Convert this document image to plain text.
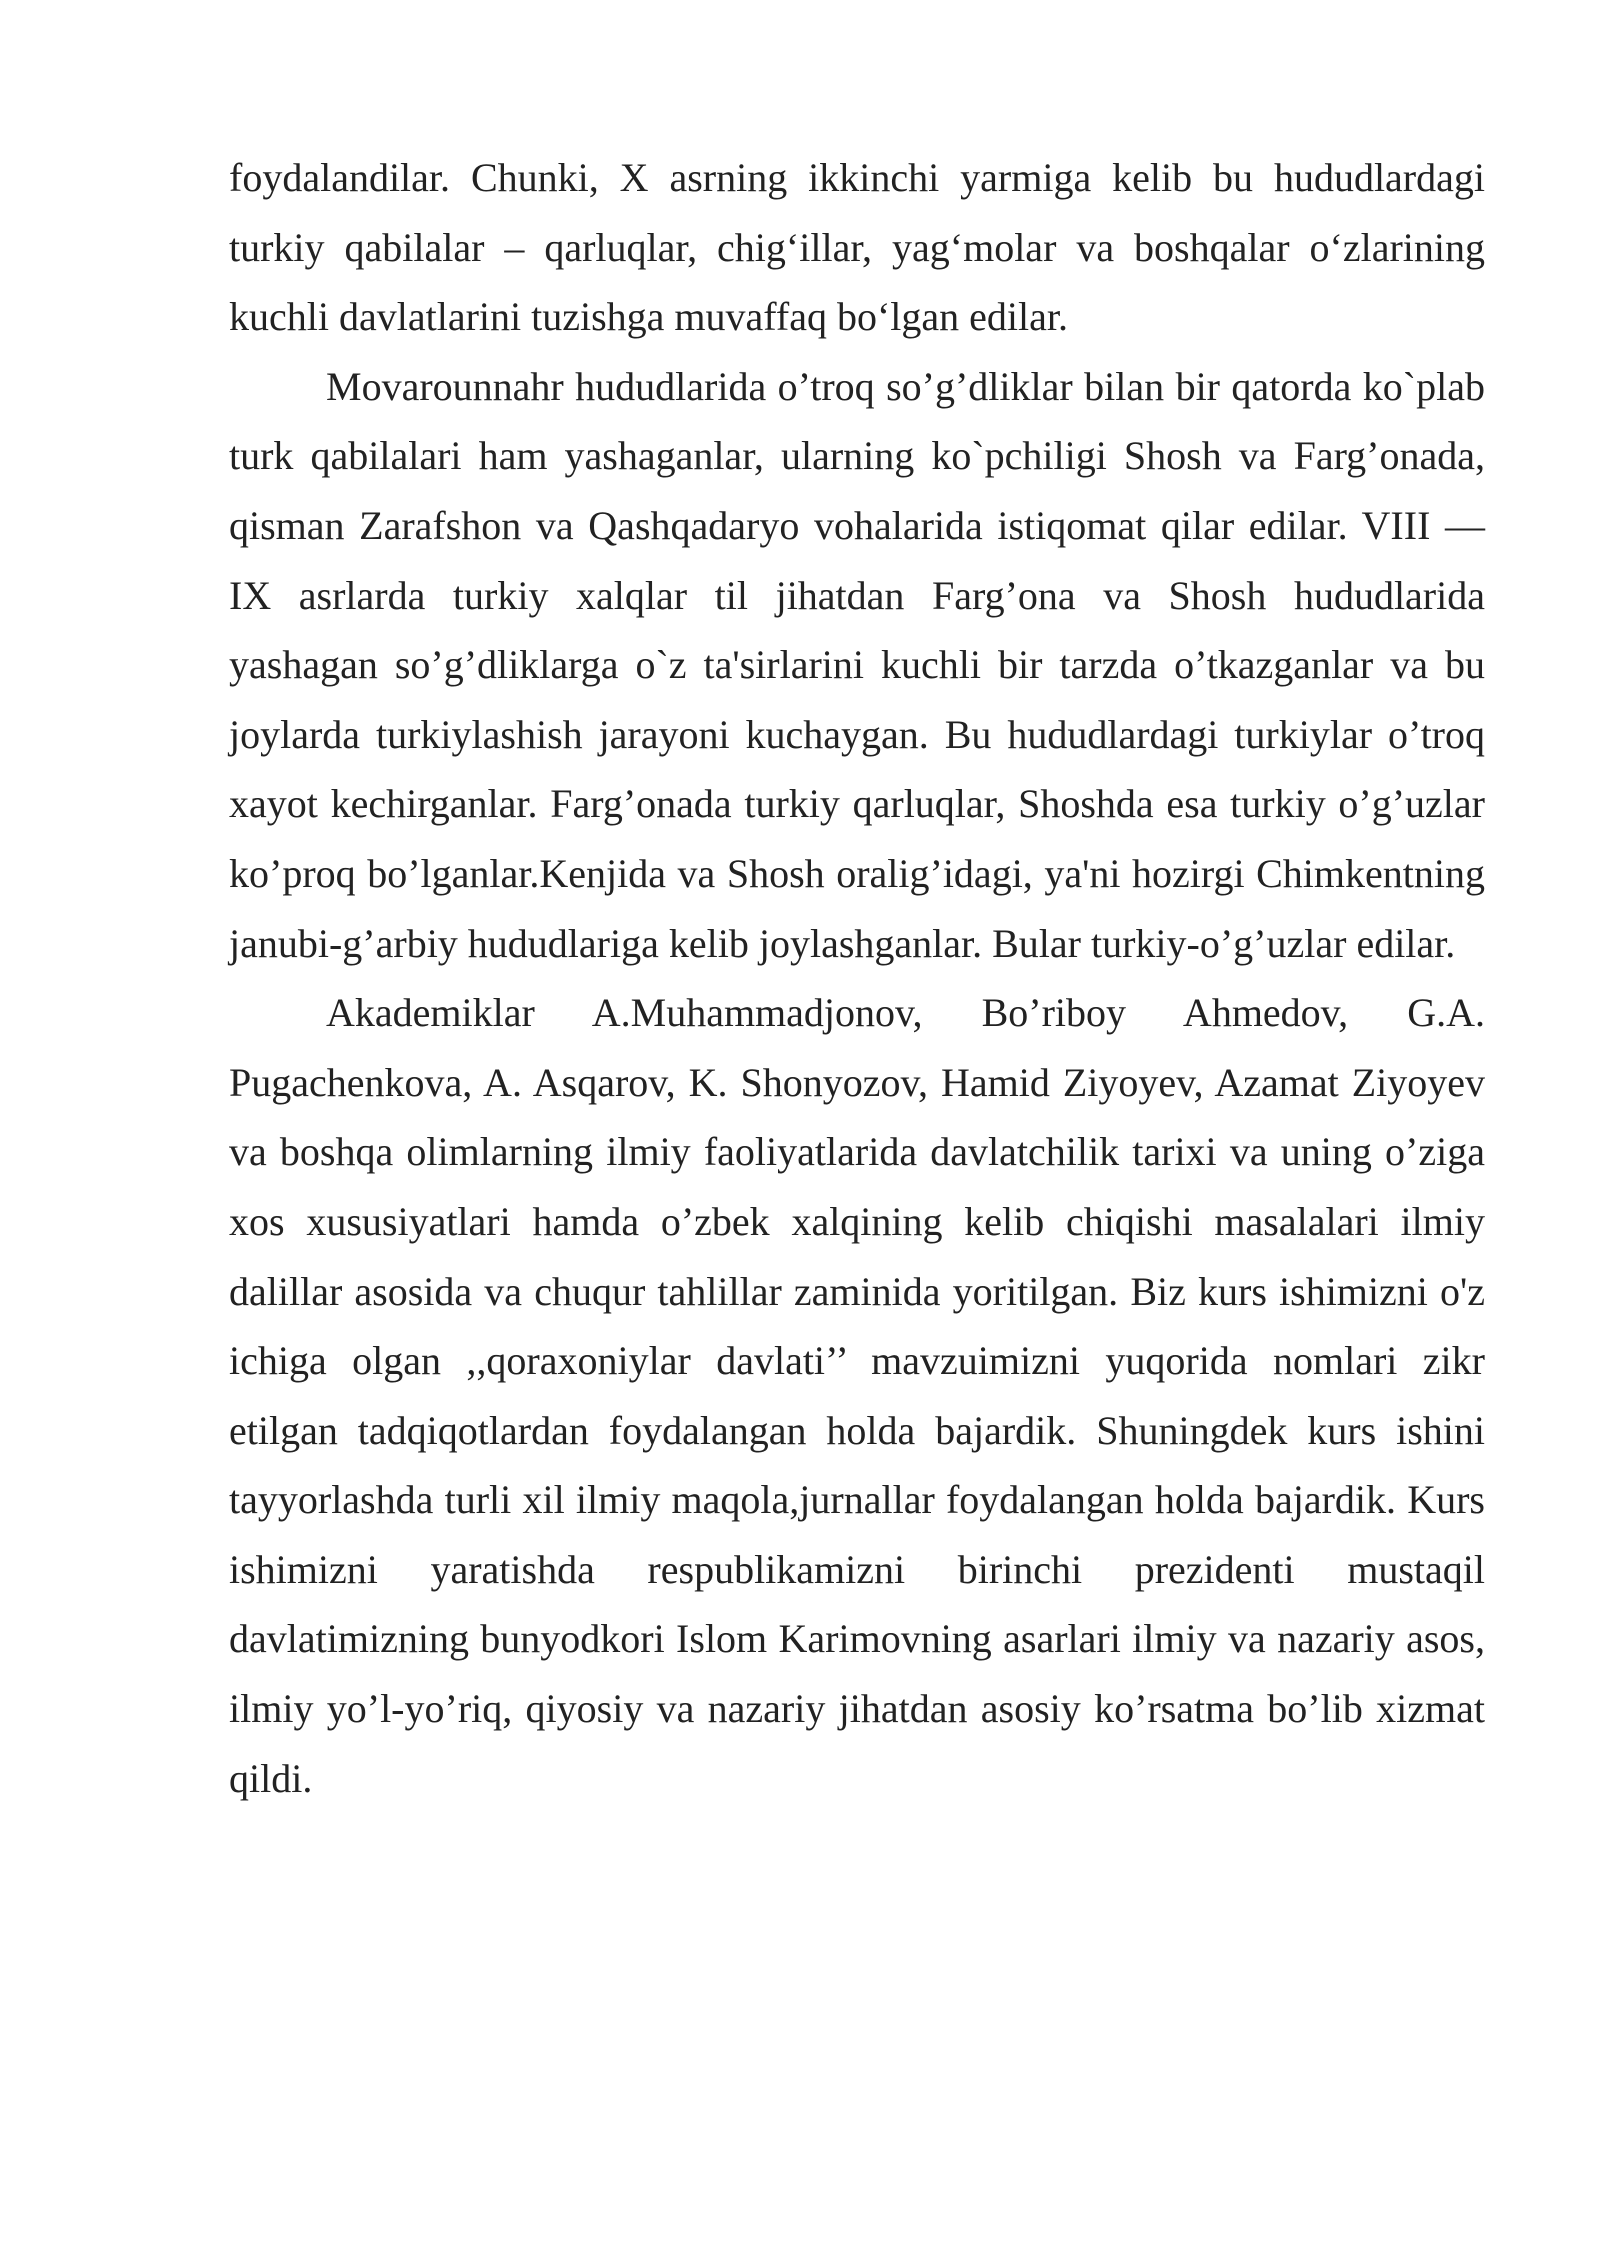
foydalandilar. Chunki, X asrning ikkinchi yarmiga kelib bu hududlardagi turkiy qabilalar – qarluqlar, chig‘illar, yag‘molar va boshqalar o‘zlarining kuchli davlatlarini tuzishga muvaffaq bo‘lgan edilar.

Movarounnahr hududlarida o’troq so’g’dliklar bilan bir qatorda ko`plab turk qabilalari ham yashaganlar, ularning ko`pchiligi Shosh va Farg’onada, qisman Zarafshon va Qashqadaryo vohalarida istiqomat qilar edilar. VIII — IX asrlarda turkiy xalqlar til jihatdan Farg’ona va Shosh hududlarida yashagan so’g’dliklarga o`z ta'sirlarini kuchli bir tarzda o’tkazganlar va bu joylarda turkiylashish jarayoni kuchaygan. Bu hududlardagi turkiylar o’troq xayot kechirganlar. Farg’onada turkiy qarluqlar, Shoshda esa turkiy o’g’uzlar ko’proq bo’lganlar.Kenjida va Shosh oralig’idagi, ya'ni hozirgi Chimkentning janubi-g’arbiy hududlariga kelib joylashganlar. Bular turkiy-o’g’uzlar edilar.

Akademiklar A.Muhammadjonov, Bo’riboy Ahmedov, G.A. Pugachenkova, A. Asqarov, K. Shonyozov, Hamid Ziyoyev, Azamat Ziyoyev va boshqa olimlarning ilmiy faoliyatlarida davlatchilik tarixi va uning o’ziga xos xususiyatlari hamda o’zbek xalqining kelib chiqishi masalalari ilmiy dalillar asosida va chuqur tahlillar zaminida yoritilgan. Biz kurs ishimizni o'z ichiga olgan ,,qoraxoniylar davlati’’ mavzuimizni yuqorida nomlari zikr etilgan tadqiqotlardan foydalangan holda bajardik. Shuningdek kurs ishini tayyorlashda turli xil ilmiy maqola,jurnallar foydalangan holda bajardik. Kurs ishimizni yaratishda respublikamizni birinchi prezidenti mustaqil davlatimizning bunyodkori Islom Karimovning asarlari ilmiy va nazariy asos, ilmiy yo’l-yo’riq, qiyosiy va nazariy jihatdan asosiy ko’rsatma bo’lib xizmat qildi.
